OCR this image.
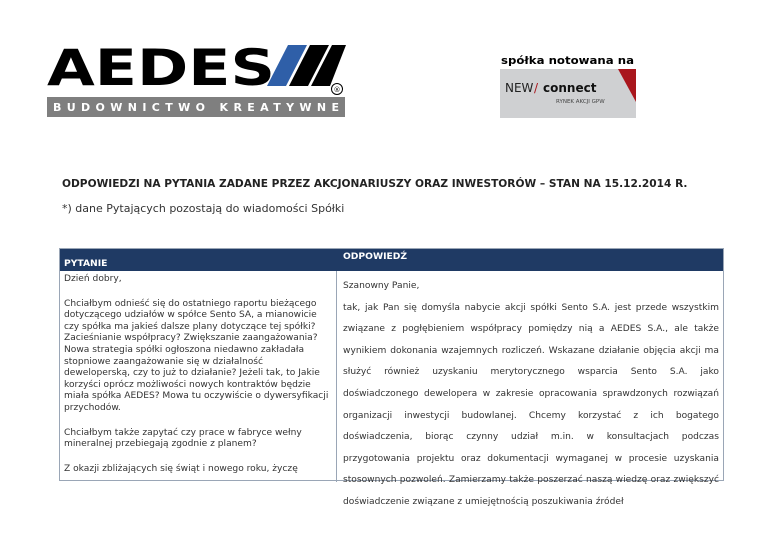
AEDES	®
BUDOWNICTWO KREATYWNE
spółka notowana na
NEW / connect
RYNEK AKCJI GPW
ODPOWIEDZI NA PYTANIA ZADANE PRZEZ AKCJONARIUSZY ORAZ INWESTORÓW – STAN NA 15.12.2014 R.
*) dane Pytających pozostają do wiadomości Spółki
PYTANIE
ODPOWIEDŹ

Dzień dobry,

Chciałbym odnieść się do ostatniego raportu bieżącego

dotyczącego udziałów w spółce Sento SA, a mianowicie

czy spółka ma jakieś dalsze plany dotyczące tej spółki?

Zacieśnianie współpracy? Zwiększanie zaangażowania?

Nowa strategia spółki ogłoszona niedawno zakładała

stopniowe zaangażowanie się w działalność

deweloperską, czy to już to działanie? Jeżeli tak, to Jakie

korzyści oprócz możliwości nowych kontraktów będzie

miała spółka AEDES? Mowa tu oczywiście o dywersyfikacji

przychodów.

Chciałbym także zapytać czy prace w fabryce wełny

mineralnej przebiegają zgodnie z planem?

Z okazji zbliżających się świąt i nowego roku, życzę

Szanowny Panie,

tak, jak Pan się domyśla nabycie akcji spółki Sento S.A. jest przede wszystkim związane z pogłębieniem współpracy pomiędzy nią a AEDES S.A., ale także wynikiem dokonania wzajemnych rozliczeń. Wskazane działanie objęcia akcji ma służyć również uzyskaniu merytorycznego wsparcia Sento S.A. jako doświadczonego dewelopera w zakresie opracowania sprawdzonych rozwiązań organizacji inwestycji budowlanej. Chcemy korzystać z ich bogatego doświadczenia, biorąc czynny udział m.in. w konsultacjach podczas przygotowania projektu oraz dokumentacji wymaganej w procesie uzyskania stosownych pozwoleń. Zamierzamy także poszerzać naszą wiedzę oraz zwiększyć doświadczenie związane z umiejętnością poszukiwania źródeł
